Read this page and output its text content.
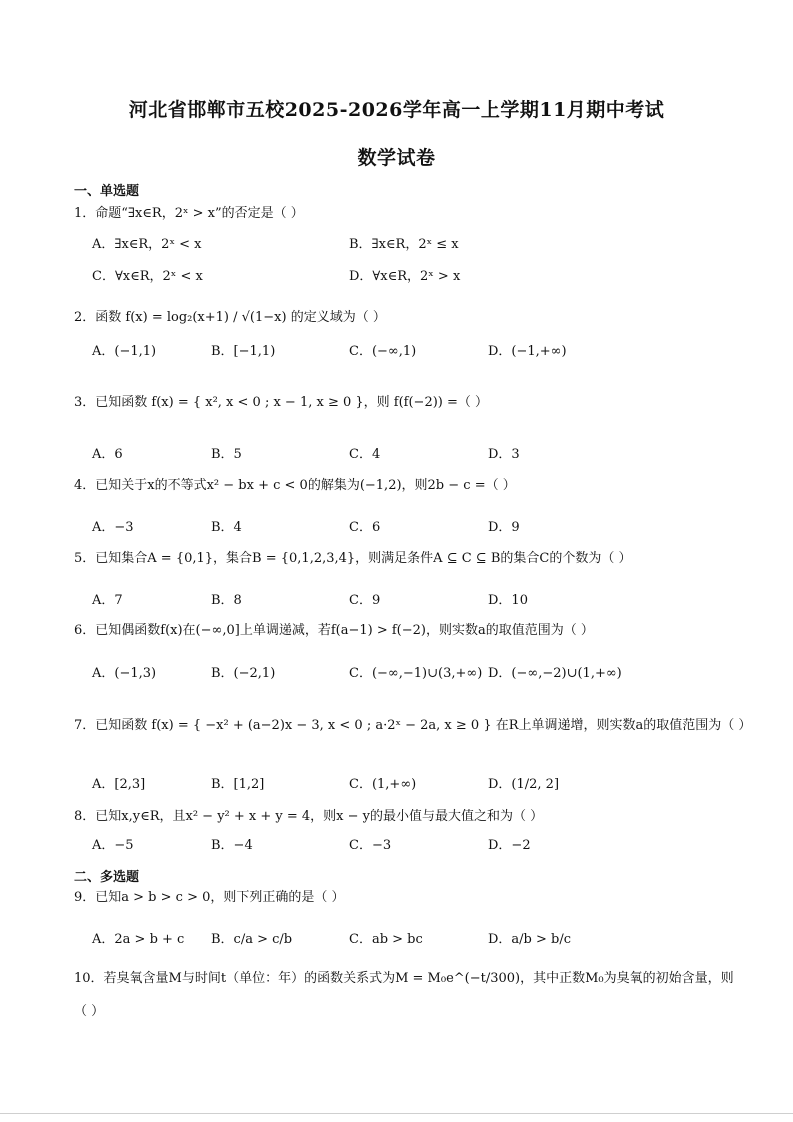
河北省邯郸市五校2025-2026学年高一上学期11月期中考试
数学试卷
一、单选题
1．命题“∃x∈R，2ˣ > x”的否定是（ ）
A．∃x∈R，2ˣ < x	B．∃x∈R，2ˣ ≤ x
C．∀x∈R，2ˣ < x	D．∀x∈R，2ˣ > x
2．函数 f(x) = log₂(x+1) / √(1−x) 的定义域为（ ）
A．(−1,1)	B．[−1,1)	C．(−∞,1)	D．(−1,+∞)
3．已知函数 f(x) = { x², x < 0 ; x − 1, x ≥ 0 }，则 f(f(−2)) =（ ）
A．6	B．5	C．4	D．3
4．已知关于x的不等式x² − bx + c < 0的解集为(−1,2)，则2b − c =（ ）
A．−3	B．4	C．6	D．9
5．已知集合A = {0,1}，集合B = {0,1,2,3,4}，则满足条件A ⊆ C ⊆ B的集合C的个数为（ ）
A．7	B．8	C．9	D．10
6．已知偶函数f(x)在(−∞,0]上单调递减，若f(a−1) > f(−2)，则实数a的取值范围为（ ）
A．(−1,3)	B．(−2,1)	C．(−∞,−1)∪(3,+∞) D．(−∞,−2)∪(1,+∞)
7．已知函数 f(x) = { −x² + (a−2)x − 3, x < 0 ; a·2ˣ − 2a, x ≥ 0 } 在R上单调递增，则实数a的取值范围为（ ）
A．[2,3]	B．[1,2]	C．(1,+∞)	D．(1/2, 2]
8．已知x,y∈R，且x² − y² + x + y = 4，则x − y的最小值与最大值之和为（ ）
A．−5	B．−4	C．−3	D．−2
二、多选题
9．已知a > b > c > 0，则下列正确的是（ ）
A．2a > b + c B．c/a > c/b	C．ab > bc	D．a/b > b/c
10．若臭氧含量M与时间t（单位：年）的函数关系式为M = M₀e^(−t/300)，其中正数M₀为臭氧的初始含量，则
（ ）
